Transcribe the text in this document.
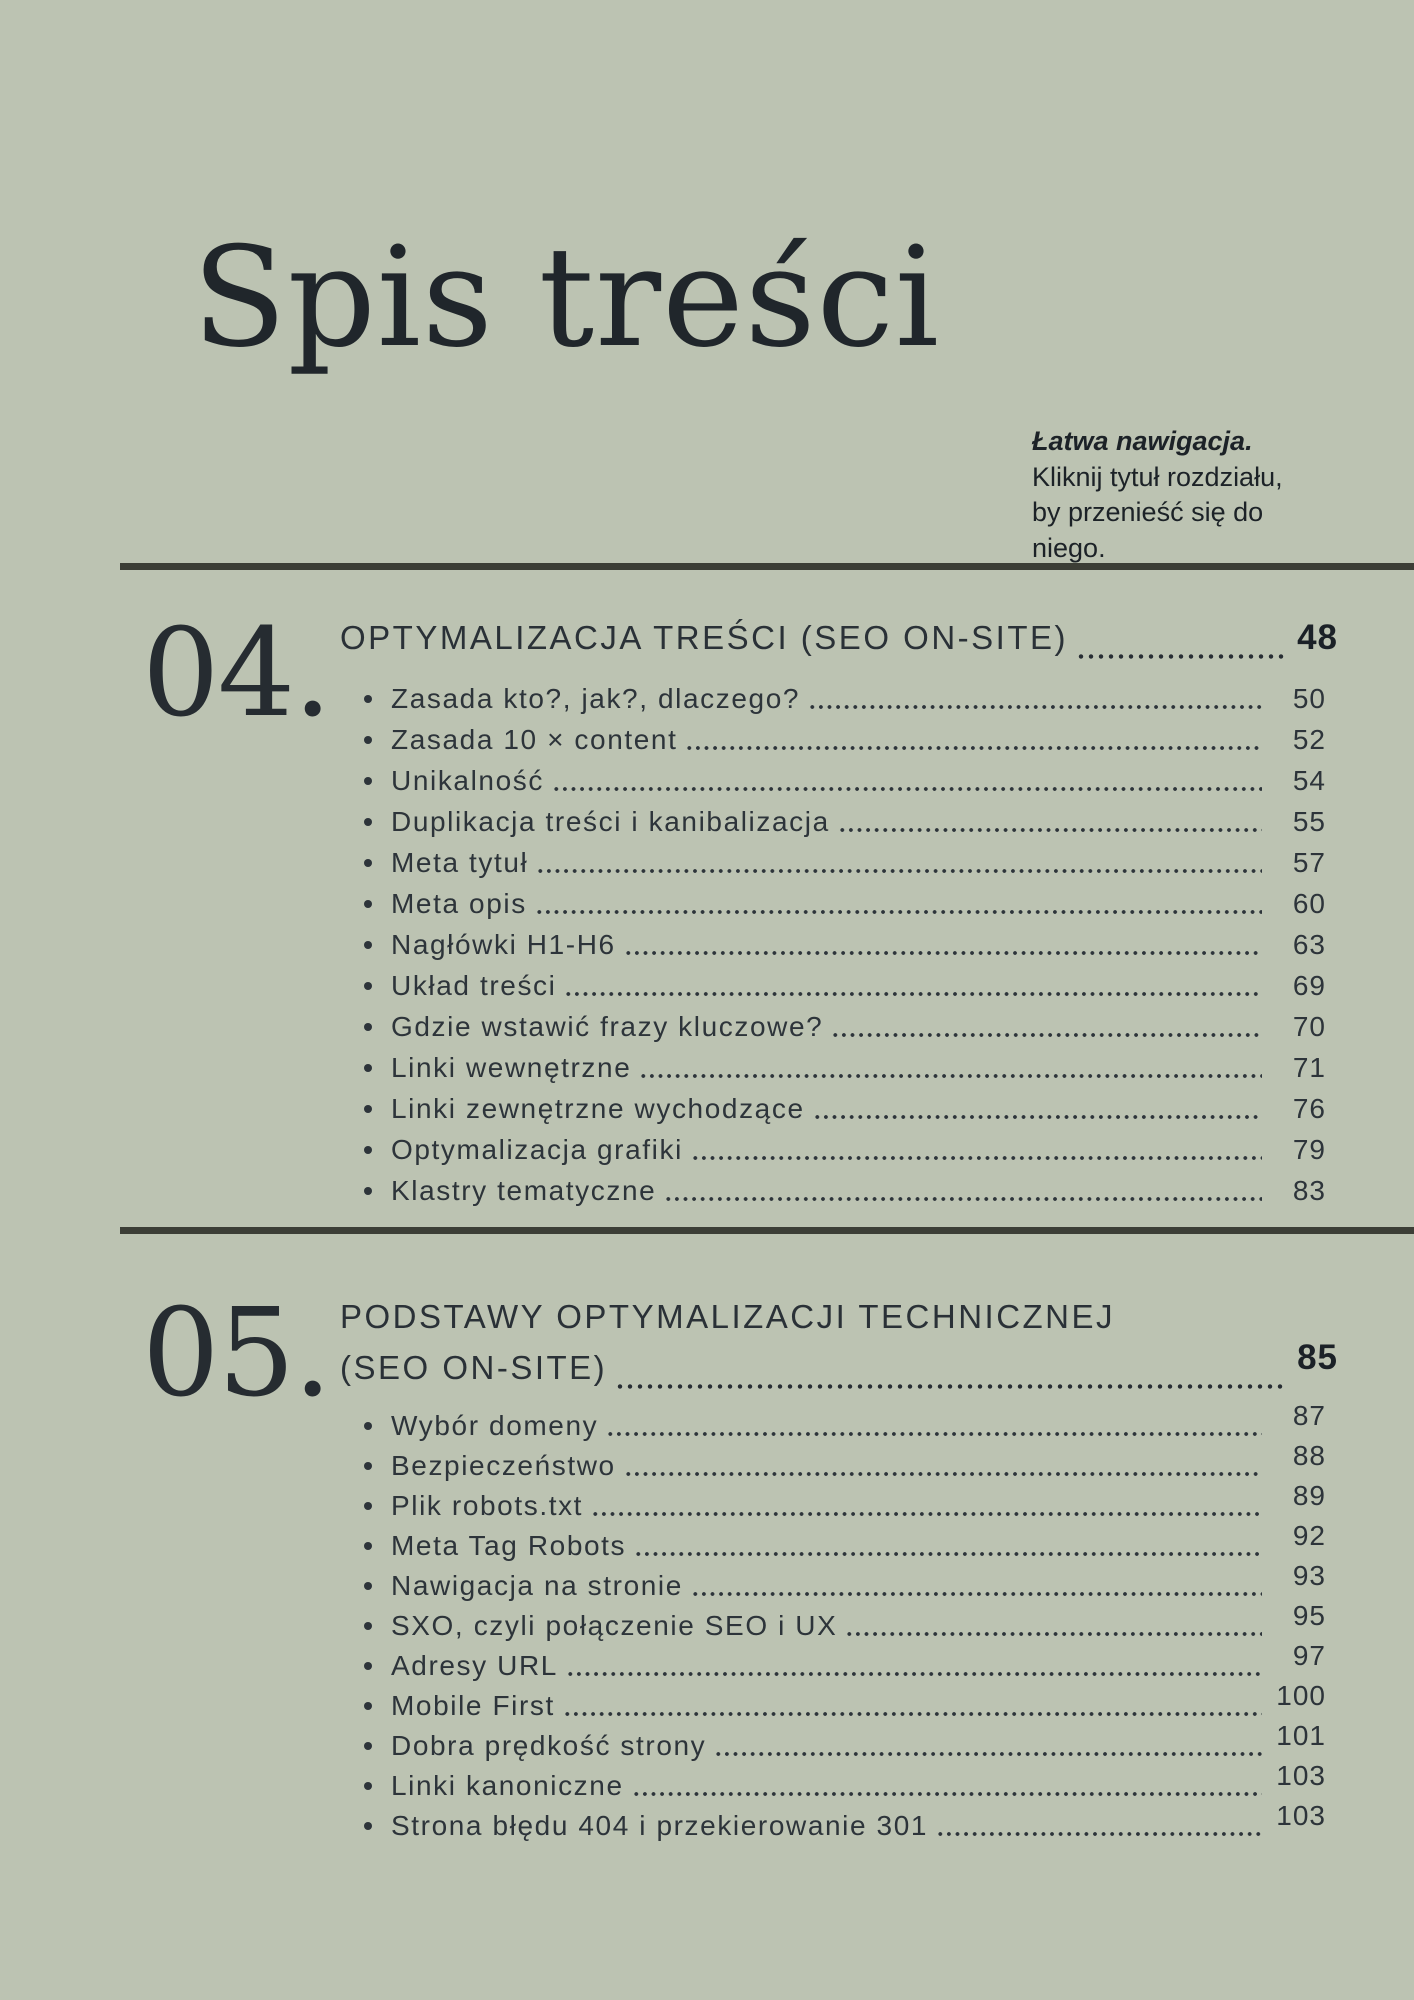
Spis treści
Łatwa nawigacja.
Kliknij tytuł rozdziału,
by przenieść się do niego.
04. OPTYMALIZACJA TREŚCI (SEO ON-SITE)	48
Zasada kto?, jak?, dlaczego?	50
Zasada 10 × content	52
Unikalność	54
Duplikacja treści i kanibalizacja	55
Meta tytuł	57
Meta opis	60
Nagłówki H1-H6	63
Układ treści	69
Gdzie wstawić frazy kluczowe?	70
Linki wewnętrzne	71
Linki zewnętrzne wychodzące	76
Optymalizacja grafiki	79
Klastry tematyczne	83
05. PODSTAWY OPTYMALIZACJI TECHNICZNEJ
(SEO ON-SITE)	85
Wybór domeny	87
Bezpieczeństwo	88
Plik robots.txt	89
Meta Tag Robots	92
Nawigacja na stronie	93
SXO, czyli połączenie SEO i UX	95
Adresy URL	97
Mobile First	100
Dobra prędkość strony	101
Linki kanoniczne	103
Strona błędu 404 i przekierowanie 301	103
